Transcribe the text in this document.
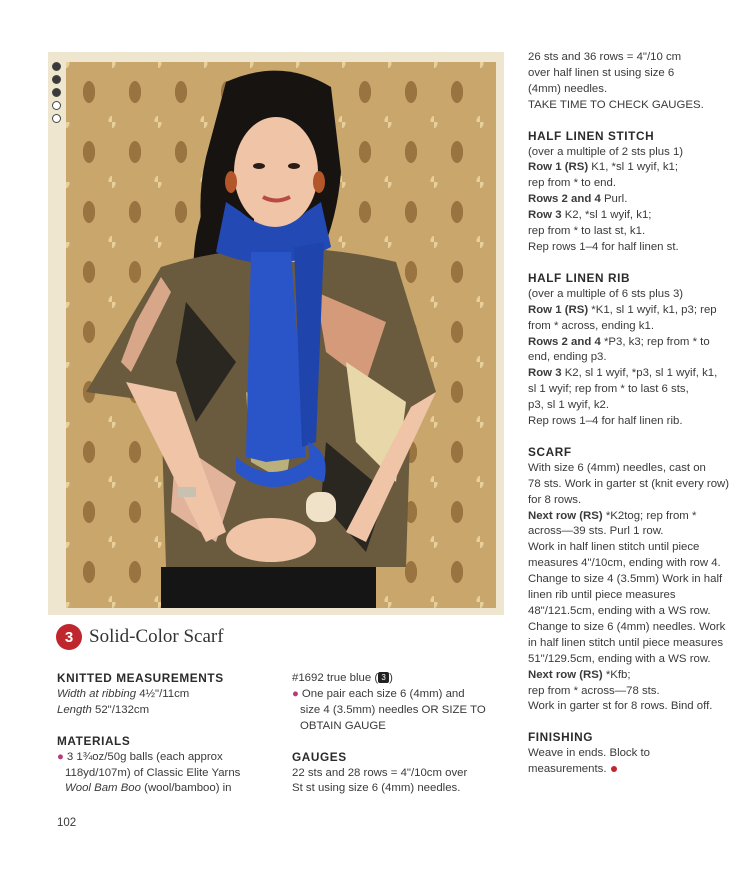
3 Solid-Color Scarf

KNITTED MEASUREMENTS

Width at ribbing 4½"/11cm

Length 52"/132cm

MATERIALS

● 3 1¾oz/50g balls (each approx

118yd/107m) of Classic Elite Yarns

Wool Bam Boo (wool/bamboo) in

#1692 true blue ( 3 )

● One pair each size 6 (4mm) and

size 4 (3.5mm) needles OR SIZE TO

OBTAIN GAUGE

GAUGES

22 sts and 28 rows = 4"/10cm over

St st using size 6 (4mm) needles.

26 sts and 36 rows = 4"/10 cm

over half linen st using size 6

(4mm) needles.

TAKE TIME TO CHECK GAUGES.

HALF LINEN STITCH

(over a multiple of 2 sts plus 1)

Row 1 (RS) K1, *sl 1 wyif, k1;

rep from * to end.

Rows 2 and 4 Purl.

Row 3 K2, *sl 1 wyif, k1;

rep from * to last st, k1.

Rep rows 1–4 for half linen st.

HALF LINEN RIB

(over a multiple of 6 sts plus 3)

Row 1 (RS) *K1, sl 1 wyif, k1, p3; rep

from * across, ending k1.

Rows 2 and 4 *P3, k3; rep from * to

end, ending p3.

Row 3 K2, sl 1 wyif, *p3, sl 1 wyif, k1,

sl 1 wyif; rep from * to last 6 sts,

p3, sl 1 wyif, k2.

Rep rows 1–4 for half linen rib.

SCARF

With size 6 (4mm) needles, cast on

78 sts. Work in garter st (knit every row)

for 8 rows.

Next row (RS) *K2tog; rep from *

across—39 sts. Purl 1 row.

Work in half linen stitch until piece

measures 4"/10cm, ending with row 4.

Change to size 4 (3.5mm) Work in half

linen rib until piece measures

48"/121.5cm, ending with a WS row.

Change to size 6 (4mm) needles. Work

in half linen stitch until piece measures

51"/129.5cm, ending with a WS row.

Next row (RS) *Kfb;

rep from * across—78 sts.

Work in garter st for 8 rows. Bind off.

FINISHING

Weave in ends. Block to

measurements.

102
